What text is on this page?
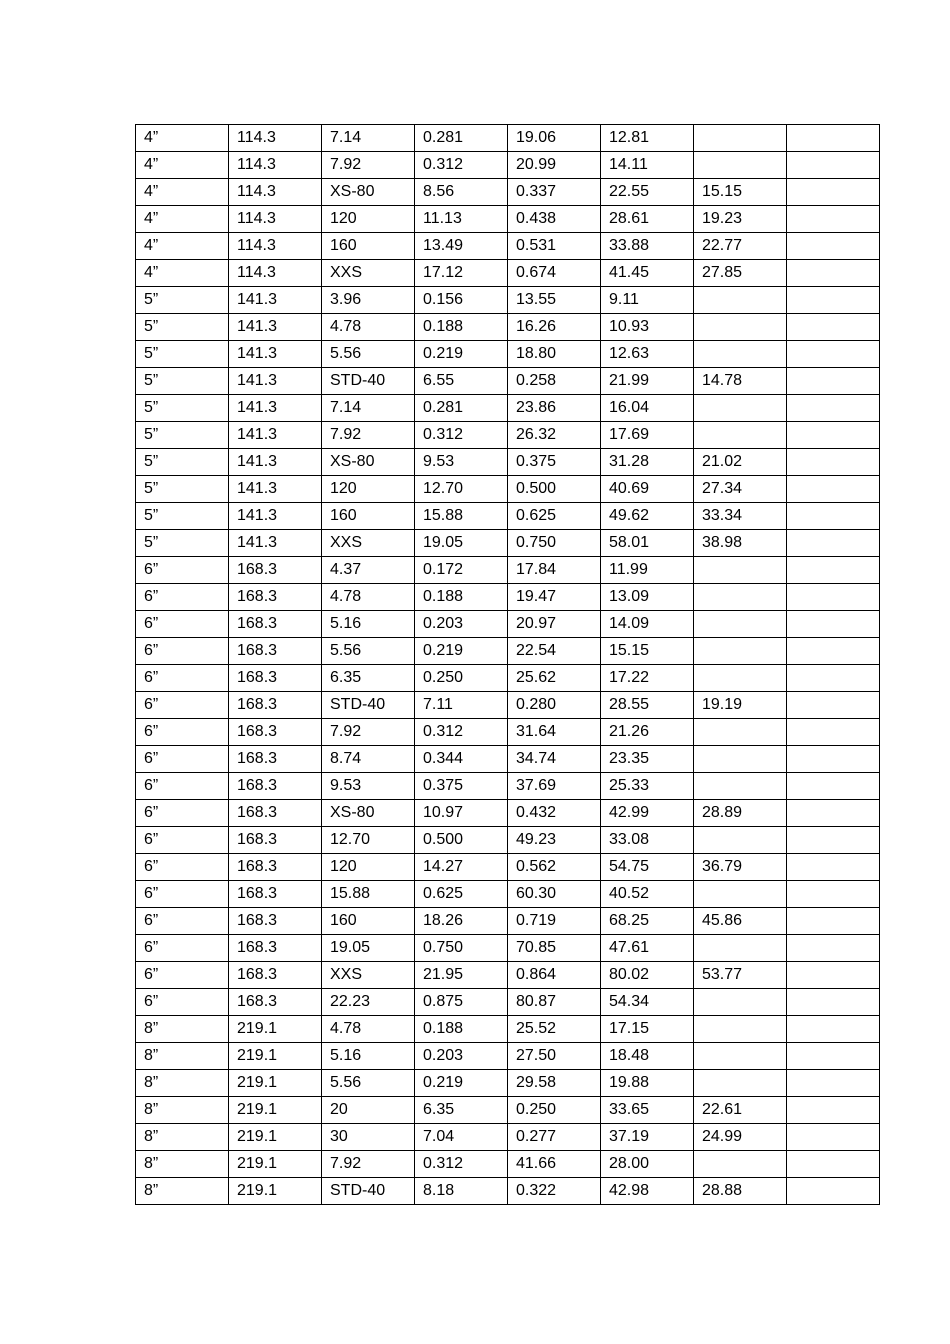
4”	114.3	7.14	0.281	19.06	12.81		
4”	114.3	7.92	0.312	20.99	14.11		
4”	114.3	XS-80	8.56	0.337	22.55	15.15	
4”	114.3	120	11.13	0.438	28.61	19.23	
4”	114.3	160	13.49	0.531	33.88	22.77	
4”	114.3	XXS	17.12	0.674	41.45	27.85	
5”	141.3	3.96	0.156	13.55	9.11		
5”	141.3	4.78	0.188	16.26	10.93		
5”	141.3	5.56	0.219	18.80	12.63		
5”	141.3	STD-40	6.55	0.258	21.99	14.78	
5”	141.3	7.14	0.281	23.86	16.04		
5”	141.3	7.92	0.312	26.32	17.69		
5”	141.3	XS-80	9.53	0.375	31.28	21.02	
5”	141.3	120	12.70	0.500	40.69	27.34	
5”	141.3	160	15.88	0.625	49.62	33.34	
5”	141.3	XXS	19.05	0.750	58.01	38.98	
6”	168.3	4.37	0.172	17.84	11.99		
6”	168.3	4.78	0.188	19.47	13.09		
6”	168.3	5.16	0.203	20.97	14.09		
6”	168.3	5.56	0.219	22.54	15.15		
6”	168.3	6.35	0.250	25.62	17.22		
6”	168.3	STD-40	7.11	0.280	28.55	19.19	
6”	168.3	7.92	0.312	31.64	21.26		
6”	168.3	8.74	0.344	34.74	23.35		
6”	168.3	9.53	0.375	37.69	25.33		
6”	168.3	XS-80	10.97	0.432	42.99	28.89	
6”	168.3	12.70	0.500	49.23	33.08		
6”	168.3	120	14.27	0.562	54.75	36.79	
6”	168.3	15.88	0.625	60.30	40.52		
6”	168.3	160	18.26	0.719	68.25	45.86	
6”	168.3	19.05	0.750	70.85	47.61		
6”	168.3	XXS	21.95	0.864	80.02	53.77	
6”	168.3	22.23	0.875	80.87	54.34		
8”	219.1	4.78	0.188	25.52	17.15		
8”	219.1	5.16	0.203	27.50	18.48		
8”	219.1	5.56	0.219	29.58	19.88		
8”	219.1	20	6.35	0.250	33.65	22.61	
8”	219.1	30	7.04	0.277	37.19	24.99	
8”	219.1	7.92	0.312	41.66	28.00		
8”	219.1	STD-40	8.18	0.322	42.98	28.88	
